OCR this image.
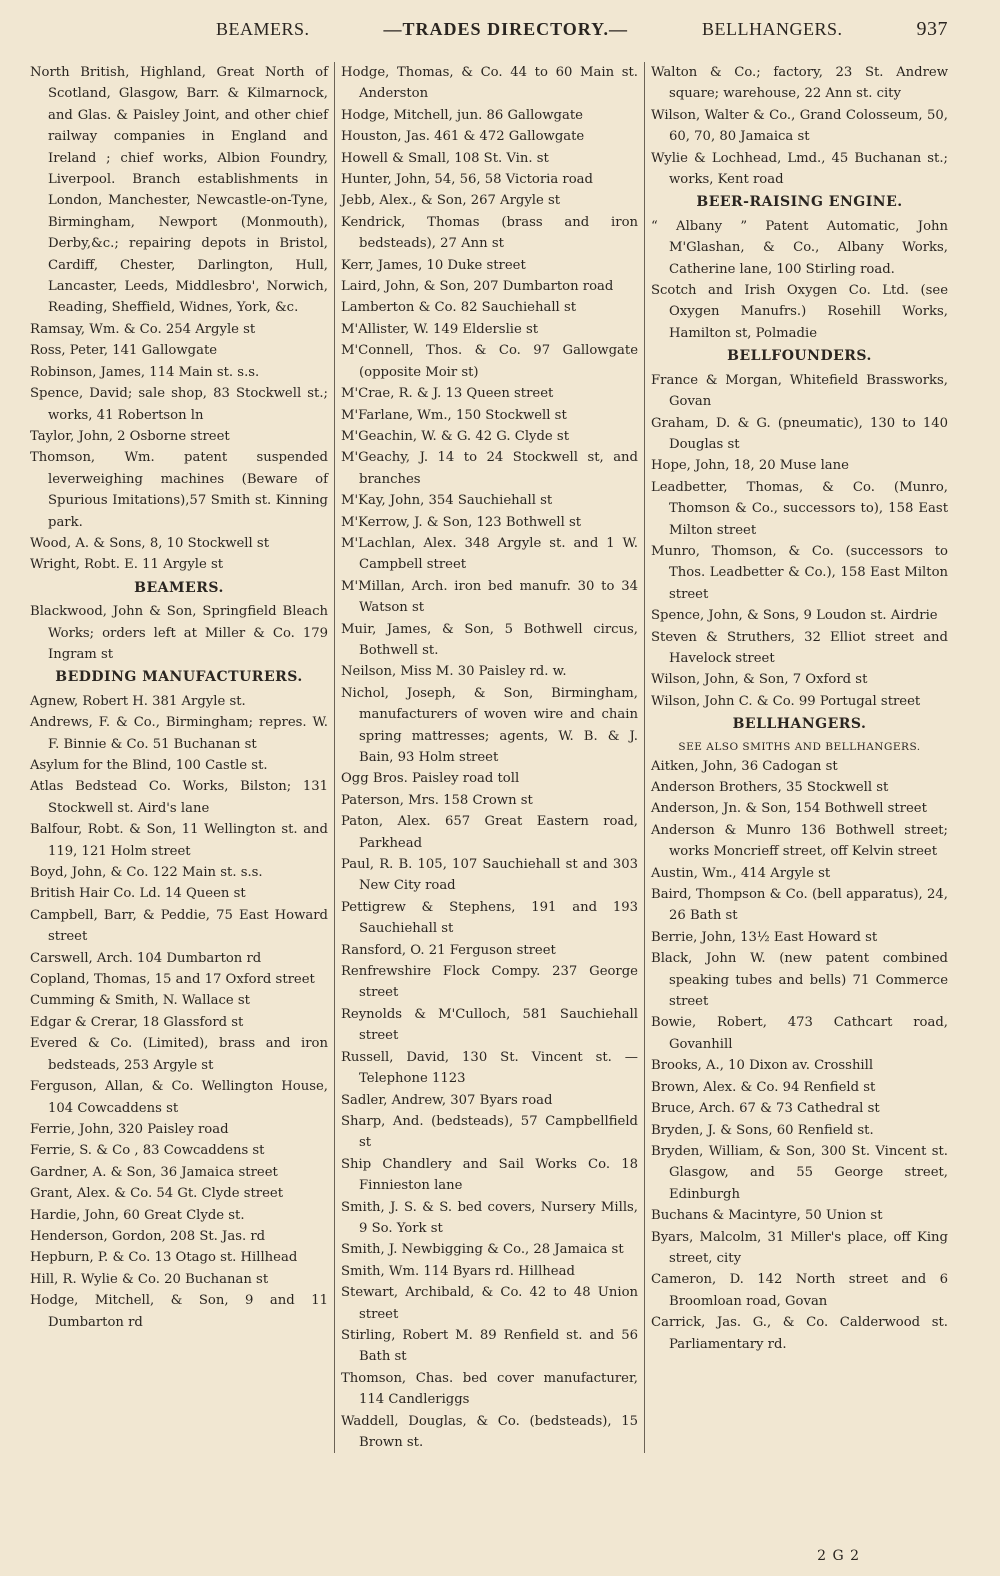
BEAMERS.	—TRADES DIRECTORY.—	BELLHANGERS.	937
North British, Highland, Great North of Scotland, Glasgow, Barr. & Kilmarnock, and Glas. & Paisley Joint, and other chief railway companies in England and Ireland ; chief works, Albion Foundry, Liverpool. Branch establishments in London, Manchester, Newcastle-on-Tyne, Birmingham, Newport (Monmouth), Derby,&c.; repairing depots in Bristol, Cardiff, Chester, Darlington, Hull, Lancaster, Leeds, Middlesbro', Norwich, Reading, Sheffield, Widnes, York, &c.
Ramsay, Wm. & Co. 254 Argyle st
Ross, Peter, 141 Gallowgate
Robinson, James, 114 Main st. s.s.
Spence, David; sale shop, 83 Stockwell st.; works, 41 Robertson ln
Taylor, John, 2 Osborne street
Thomson, Wm. patent suspended leverweighing machines (Beware of Spurious Imitations),57 Smith st. Kinning park.
Wood, A. & Sons, 8, 10 Stockwell st
Wright, Robt. E. 11 Argyle st
BEAMERS.
Blackwood, John & Son, Springfield Bleach Works; orders left at Miller & Co. 179 Ingram st
BEDDING MANUFACTURERS.
Agnew, Robert H. 381 Argyle st.
Andrews, F. & Co., Birmingham; repres. W. F. Binnie & Co. 51 Buchanan st
Asylum for the Blind, 100 Castle st.
Atlas Bedstead Co. Works, Bilston; 131 Stockwell st. Aird's lane
Balfour, Robt. & Son, 11 Wellington st. and 119, 121 Holm street
Boyd, John, & Co. 122 Main st. s.s.
British Hair Co. Ld. 14 Queen st
Campbell, Barr, & Peddie, 75 East Howard street
Carswell, Arch. 104 Dumbarton rd
Copland, Thomas, 15 and 17 Oxford street
Cumming & Smith, N. Wallace st
Edgar & Crerar, 18 Glassford st
Evered & Co. (Limited), brass and iron bedsteads, 253 Argyle st
Ferguson, Allan, & Co. Wellington House, 104 Cowcaddens st
Ferrie, John, 320 Paisley road
Ferrie, S. & Co , 83 Cowcaddens st
Gardner, A. & Son, 36 Jamaica street
Grant, Alex. & Co. 54 Gt. Clyde street
Hardie, John, 60 Great Clyde st.
Henderson, Gordon, 208 St. Jas. rd
Hepburn, P. & Co. 13 Otago st. Hillhead
Hill, R. Wylie & Co. 20 Buchanan st
Hodge, Mitchell, & Son, 9 and 11 Dumbarton rd
Hodge, Thomas, & Co. 44 to 60 Main st. Anderston
Hodge, Mitchell, jun. 86 Gallowgate
Houston, Jas. 461 & 472 Gallowgate
Howell & Small, 108 St. Vin. st
Hunter, John, 54, 56, 58 Victoria road
Jebb, Alex., & Son, 267 Argyle st
Kendrick, Thomas (brass and iron bedsteads), 27 Ann st
Kerr, James, 10 Duke street
Laird, John, & Son, 207 Dumbarton road
Lamberton & Co. 82 Sauchiehall st
M'Allister, W. 149 Elderslie st
M'Connell, Thos. & Co. 97 Gallowgate (opposite Moir st)
M'Crae, R. & J. 13 Queen street
M'Farlane, Wm., 150 Stockwell st
M'Geachin, W. & G. 42 G. Clyde st
M'Geachy, J. 14 to 24 Stockwell st, and branches
M'Kay, John, 354 Sauchiehall st
M'Kerrow, J. & Son, 123 Bothwell st
M'Lachlan, Alex. 348 Argyle st. and 1 W. Campbell street
M'Millan, Arch. iron bed manufr. 30 to 34 Watson st
Muir, James, & Son, 5 Bothwell circus, Bothwell st.
Neilson, Miss M. 30 Paisley rd. w.
Nichol, Joseph, & Son, Birmingham, manufacturers of woven wire and chain spring mattresses; agents, W. B. & J. Bain, 93 Holm street
Ogg Bros. Paisley road toll
Paterson, Mrs. 158 Crown st
Paton, Alex. 657 Great Eastern road, Parkhead
Paul, R. B. 105, 107 Sauchiehall st and 303 New City road
Pettigrew & Stephens, 191 and 193 Sauchiehall st
Ransford, O. 21 Ferguson street
Renfrewshire Flock Compy. 237 George street
Reynolds & M'Culloch, 581 Sauchiehall street
Russell, David, 130 St. Vincent st. —Telephone 1123
Sadler, Andrew, 307 Byars road
Sharp, And. (bedsteads), 57 Campbellfield st
Ship Chandlery and Sail Works Co. 18 Finnieston lane
Smith, J. S. & S. bed covers, Nursery Mills, 9 So. York st
Smith, J. Newbigging & Co., 28 Jamaica st
Smith, Wm. 114 Byars rd. Hillhead
Stewart, Archibald, & Co. 42 to 48 Union street
Stirling, Robert M. 89 Renfield st. and 56 Bath st
Thomson, Chas. bed cover manufacturer, 114 Candleriggs
Waddell, Douglas, & Co. (bedsteads), 15 Brown st.
Walton & Co.; factory, 23 St. Andrew square; warehouse, 22 Ann st. city
Wilson, Walter & Co., Grand Colosseum, 50, 60, 70, 80 Jamaica st
Wylie & Lochhead, Lmd., 45 Buchanan st.; works, Kent road
BEER-RAISING ENGINE.
“ Albany ” Patent Automatic, John M'Glashan, & Co., Albany Works, Catherine lane, 100 Stirling road.
Scotch and Irish Oxygen Co. Ltd. (see Oxygen Manufrs.) Rosehill Works, Hamilton st, Polmadie
BELLFOUNDERS.
France & Morgan, Whitefield Brassworks, Govan
Graham, D. & G. (pneumatic), 130 to 140 Douglas st
Hope, John, 18, 20 Muse lane
Leadbetter, Thomas, & Co. (Munro, Thomson & Co., successors to), 158 East Milton street
Munro, Thomson, & Co. (successors to Thos. Leadbetter & Co.), 158 East Milton street
Spence, John, & Sons, 9 Loudon st. Airdrie
Steven & Struthers, 32 Elliot street and Havelock street
Wilson, John, & Son, 7 Oxford st
Wilson, John C. & Co. 99 Portugal street
BELLHANGERS.
SEE ALSO SMITHS AND BELLHANGERS.
Aitken, John, 36 Cadogan st
Anderson Brothers, 35 Stockwell st
Anderson, Jn. & Son, 154 Bothwell street
Anderson & Munro 136 Bothwell street; works Moncrieff street, off Kelvin street
Austin, Wm., 414 Argyle st
Baird, Thompson & Co. (bell apparatus), 24, 26 Bath st
Berrie, John, 13½ East Howard st
Black, John W. (new patent combined speaking tubes and bells) 71 Commerce street
Bowie, Robert, 473 Cathcart road, Govanhill
Brooks, A., 10 Dixon av. Crosshill
Brown, Alex. & Co. 94 Renfield st
Bruce, Arch. 67 & 73 Cathedral st
Bryden, J. & Sons, 60 Renfield st.
Bryden, William, & Son, 300 St. Vincent st. Glasgow, and 55 George street, Edinburgh
Buchans & Macintyre, 50 Union st
Byars, Malcolm, 31 Miller's place, off King street, city
Cameron, D. 142 North street and 6 Broomloan road, Govan
Carrick, Jas. G., & Co. Calderwood st. Parliamentary rd.
2 G 2
